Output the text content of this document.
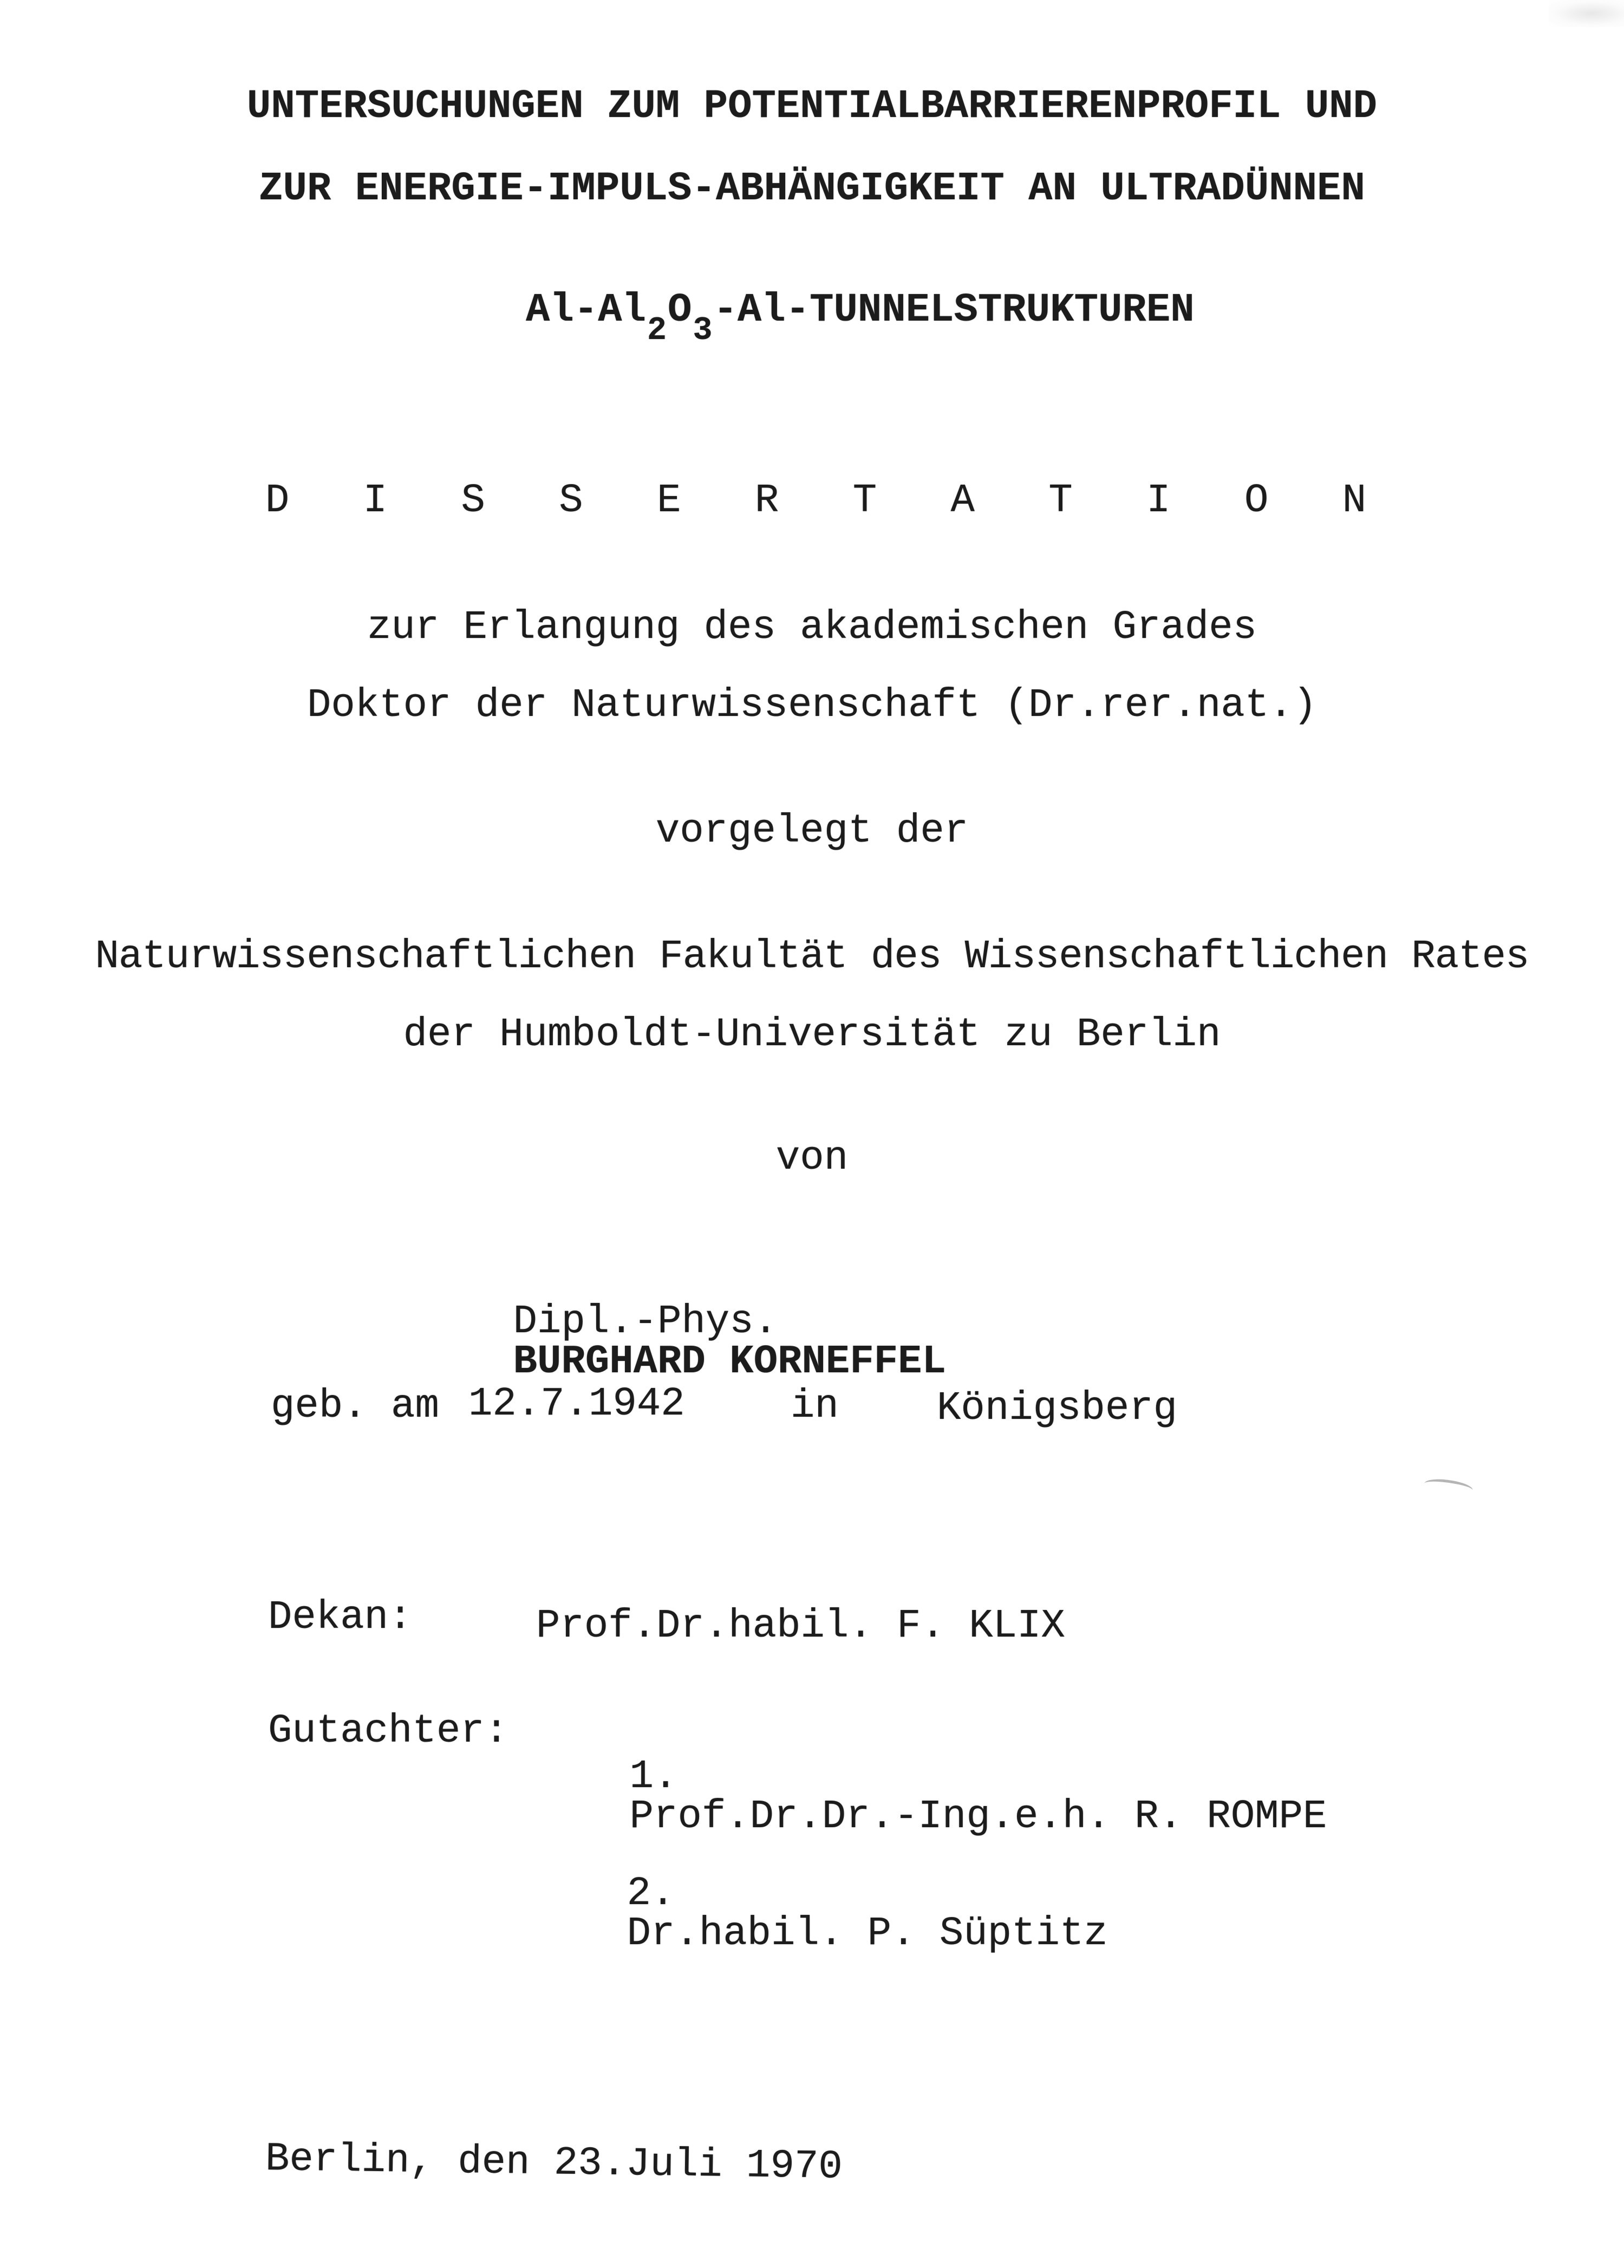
UNTERSUCHUNGEN ZUM POTENTIALBARRIERENPROFIL UND
ZUR ENERGIE-IMPULS-ABHÄNGIGKEIT AN ULTRADÜNNEN

$Al-Al_2O_3-Al$-TUNNELSTRUKTUREN

D I S S E R T A T I O N
zur Erlangung des akademischen Grades
Doktor der Naturwissenschaft (Dr.rer.nat.)
vorgelegt der
Naturwissenschaftlichen Fakultät des Wissenschaftlichen Rates
der Humboldt-Universität zu Berlin
von

Dipl.-Phys.
BURGHARD KORNEFFEL

geb. am 12.7.1942	in Königsberg
Dekan:	Prof.Dr.habil. F. KLIX
Gutachter:

1.
Prof.Dr.Dr.-Ing.e.h. R. ROMPE

2.
Dr.habil. P. Süptitz

Berlin, den 23.Juli 1970
